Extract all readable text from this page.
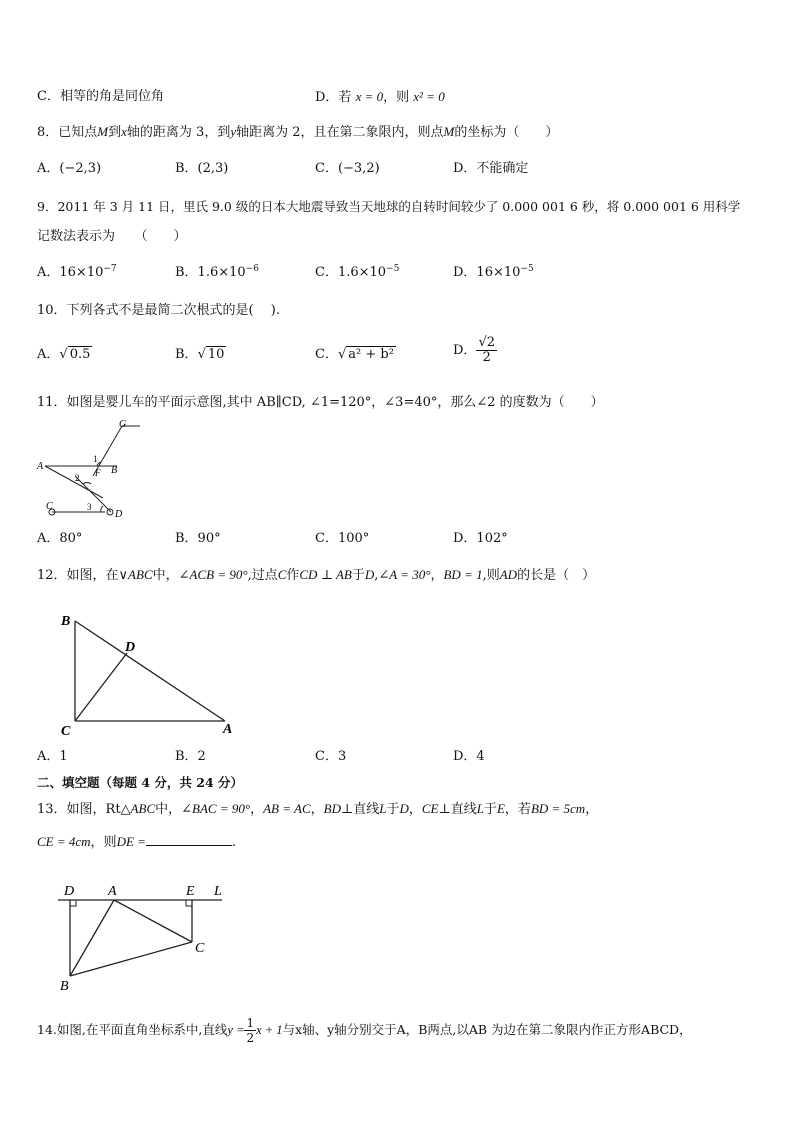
C．相等的角是同位角	D．若 x = 0，则 x² = 0
8．已知点M到x轴的距离为 3，到y轴距离为 2，且在第二象限内，则点M的坐标为（　　）
A．(−2,3)	B．(2,3)	C．(−3,2)	D．不能确定
9．2011 年 3 月 11 日，里氏 9.0 级的日本大地震导致当天地球的自转时间较少了 0.000 001 6 秒，将 0.000 001 6 用科学
记数法表示为　　（　　）
A．$16\times 10^{-7}$	B．$1.6\times 10^{-6}$	C．$1.6\times 10^{-5}$	D．$16\times 10^{-5}$
10．下列各式不是最简二次根式的是(　 ).
A．√ 0.5	B．√ 10	C．√ a² + b²	D． $\frac{√2}{2}$
11．如图是婴儿车的平面示意图,其中 AB∥CD, ∠1=120°，∠3=40°，那么∠2 的度数为（　　）
G
A	B
F
1
2
3
C
D
A．80°	B．90°	C．100°	D．102°
12．如图，在∨ABC中，∠ACB = 90°,过点C作CD ⊥ AB于D,∠A = 30°，BD = 1,则AD的长是（　）
B
D
C	A
A．1	B．2	C．3	D．4
二、填空题（每题 4 分，共 24 分）
13．如图，Rt△ABC中，∠BAC = 90°，AB = AC，BD⊥直线L于D，CE⊥直线L于E，若BD = 5cm，
CE = 4cm，则DE =	.
D A	E L
C
B
14.如图,在平面直角坐标系中,直线$y = \frac{1}{2}$ x + 1与x轴、y轴分别交于A，B两点,以AB 为边在第二象限内作正方形ABCD，
